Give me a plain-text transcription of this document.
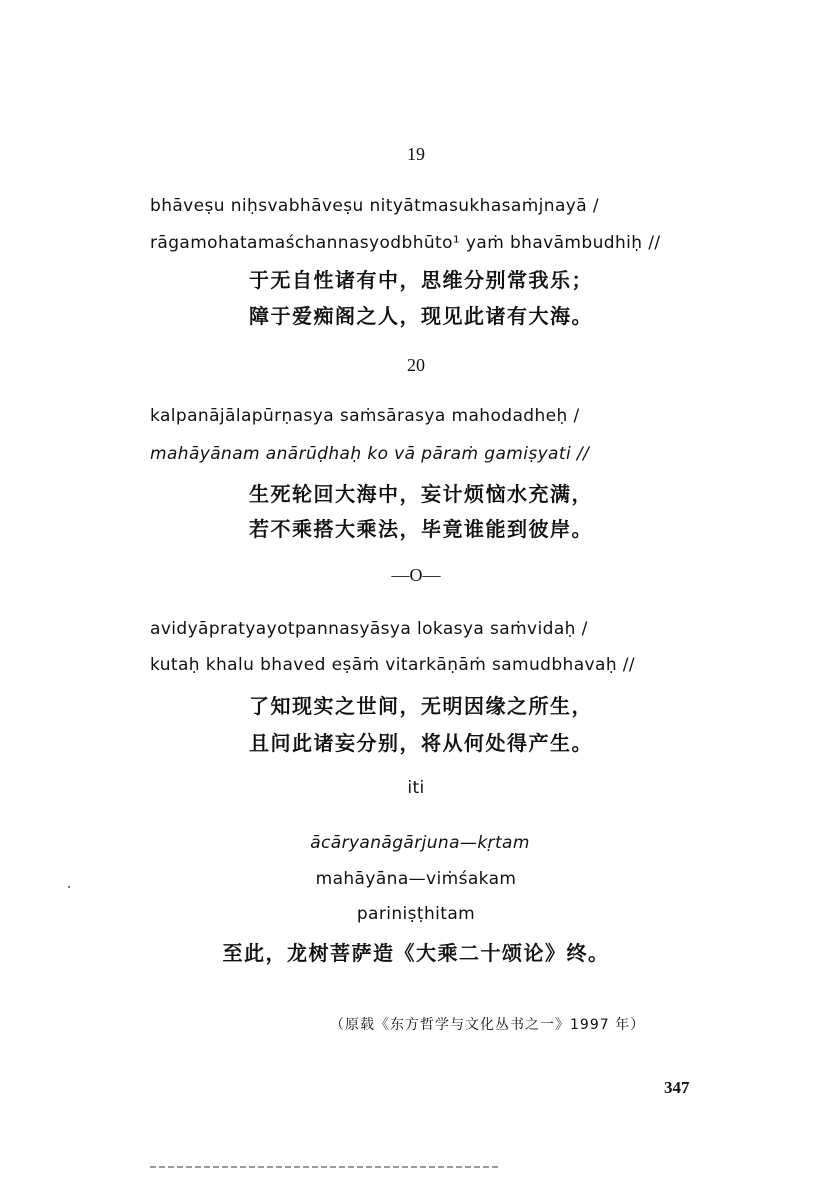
19
bhāveṣu niḥsvabhāveṣu nityātmasukhasaṁjnayā /
rāgamohatamaśchannasyodbhūto¹ yaṁ bhavāmbudhiḥ //
于无自性诸有中，思维分别常我乐；
障于爱痴阁之人，现见此诸有大海。
20
kalpanājālapūrṇasya saṁsārasya mahodadheḥ /
mahāyānam anārūḍhaḥ ko vā pāraṁ gamiṣyati //
生死轮回大海中，妄计烦恼水充满，
若不乘搭大乘法，毕竟谁能到彼岸。
—O—
avidyāpratyayotpannasyāsya lokasya saṁvidaḥ /
kutaḥ khalu bhaved eṣāṁ vitarkāṇāṁ samudbhavaḥ //
了知现实之世间，无明因缘之所生，
且问此诸妄分别，将从何处得产生。
iti
ācāryanāgārjuna—kṛtam
mahāyāna—viṁśakam
pariniṣṭhitam
至此，龙树菩萨造《大乘二十颂论》终。
（原载《东方哲学与文化丛书之一》1997 年）
347
